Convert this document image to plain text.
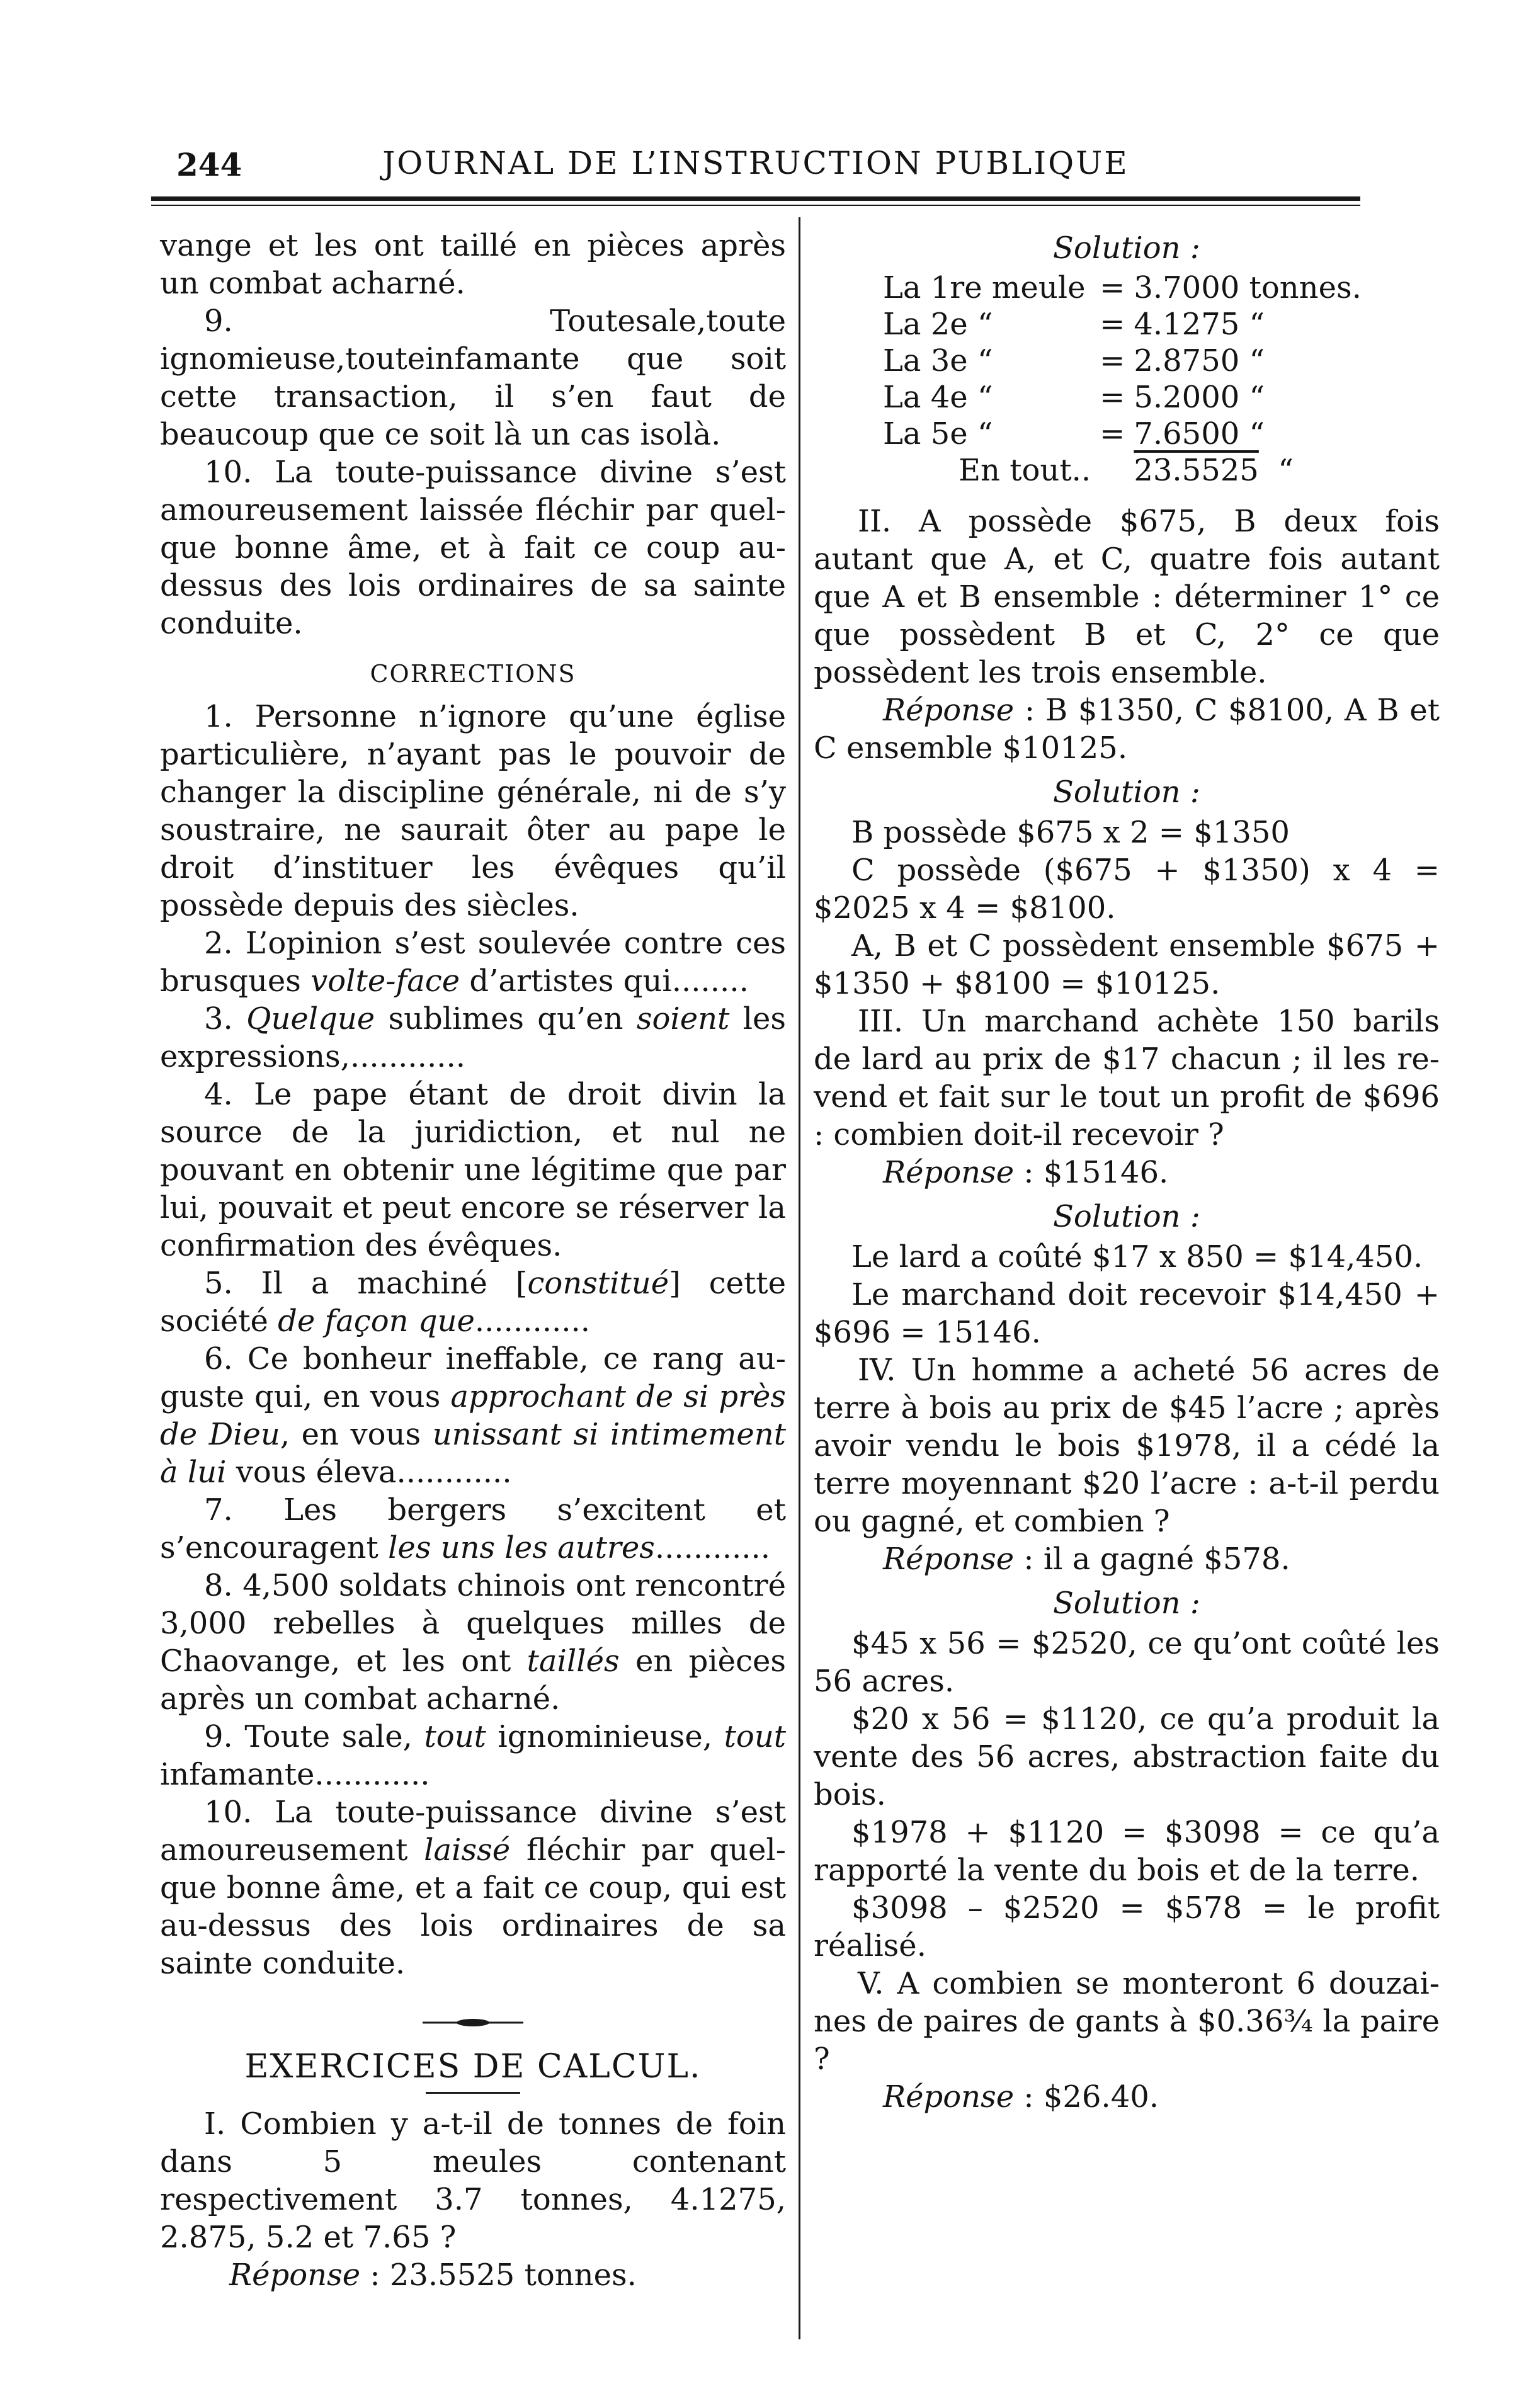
244	JOURNAL DE L’INSTRUCTION PUBLIQUE

vange et les ont taillé en pièces après un combat acharné.

9. Toutesale,toute ignomieuse,touteinfamante que soit cette transaction, il s’en faut de beaucoup que ce soit là un cas isolà.

10. La toute-puissance divine s’est amoureusement laissée fléchir par quelque bonne âme, et à fait ce coup audessus des lois ordinaires de sa sainte conduite.

CORRECTIONS

1. Personne n’ignore qu’une église particulière, n’ayant pas le pouvoir de changer la discipline générale, ni de s’y soustraire, ne saurait ôter au pape le droit d’instituer les évêques qu’il possède depuis des siècles.

2. L’opinion s’est soulevée contre ces brusques volte-face d’artistes qui........

3. Quelque sublimes qu’en soient les expressions,............

4. Le pape étant de droit divin la source de la juridiction, et nul ne pouvant en obtenir une légitime que par lui, pouvait et peut encore se réserver la confirmation des évêques.

5. Il a machiné [constitué] cette société de façon que............

6. Ce bonheur ineffable, ce rang auguste qui, en vous approchant de si près de Dieu, en vous unissant si intimement à lui vous éleva............

7. Les bergers s’excitent et s’encouragent les uns les autres............

8. 4,500 soldats chinois ont rencontré 3,000 rebelles à quelques milles de Chaovange, et les ont taillés en pièces après un combat acharné.

9. Toute sale, tout ignominieuse, tout infamante............

10. La toute-puissance divine s’est amoureusement laissé fléchir par quelque bonne âme, et a fait ce coup, qui est au-dessus des lois ordinaires de sa sainte conduite.

EXERCICES DE CALCUL.

I. Combien y a-t-il de tonnes de foin dans 5 meules contenant respectivement 3.7 tonnes, 4.1275, 2.875, 5.2 et 7.65 ?

Réponse : 23.5525 tonnes.

Solution :
La 1re meule	=	3.7000 tonnes.
La 2e “	=	4.1275 “
La 3e “	=	2.8750 “
La 4e “	=	5.2000 “
La 5e “	=	7.6500 “
En tout..		23.5525 “

II. A possède $675, B deux fois autant que A, et C, quatre fois autant que A et B ensemble : déterminer 1° ce que possèdent B et C, 2° ce que possèdent les trois ensemble.

Réponse : B $1350, C $8100, A B et C ensemble $10125.

Solution :

B possède $675 x 2 = $1350

C possède ($675 + $1350) x 4 = $2025 x 4 = $8100.

A, B et C possèdent ensemble $675 + $1350 + $8100 = $10125.

III. Un marchand achète 150 barils de lard au prix de $17 chacun ; il les revend et fait sur le tout un profit de $696 : combien doit-il recevoir ?

Réponse : $15146.

Solution :

Le lard a coûté $17 x 850 = $14,450.

Le marchand doit recevoir $14,450 + $696 = 15146.

IV. Un homme a acheté 56 acres de terre à bois au prix de $45 l’acre ; après avoir vendu le bois $1978, il a cédé la terre moyennant $20 l’acre : a-t-il perdu ou gagné, et combien ?

Réponse : il a gagné $578.

Solution :

$45 x 56 = $2520, ce qu’ont coûté les 56 acres.

$20 x 56 = $1120, ce qu’a produit la vente des 56 acres, abstraction faite du bois.

$1978 + $1120 = $3098 = ce qu’a rapporté la vente du bois et de la terre.

$3098 – $2520 = $578 = le profit réalisé.

V. A combien se monteront 6 douzaines de paires de gants à $0.36¾ la paire ?

Réponse : $26.40.
